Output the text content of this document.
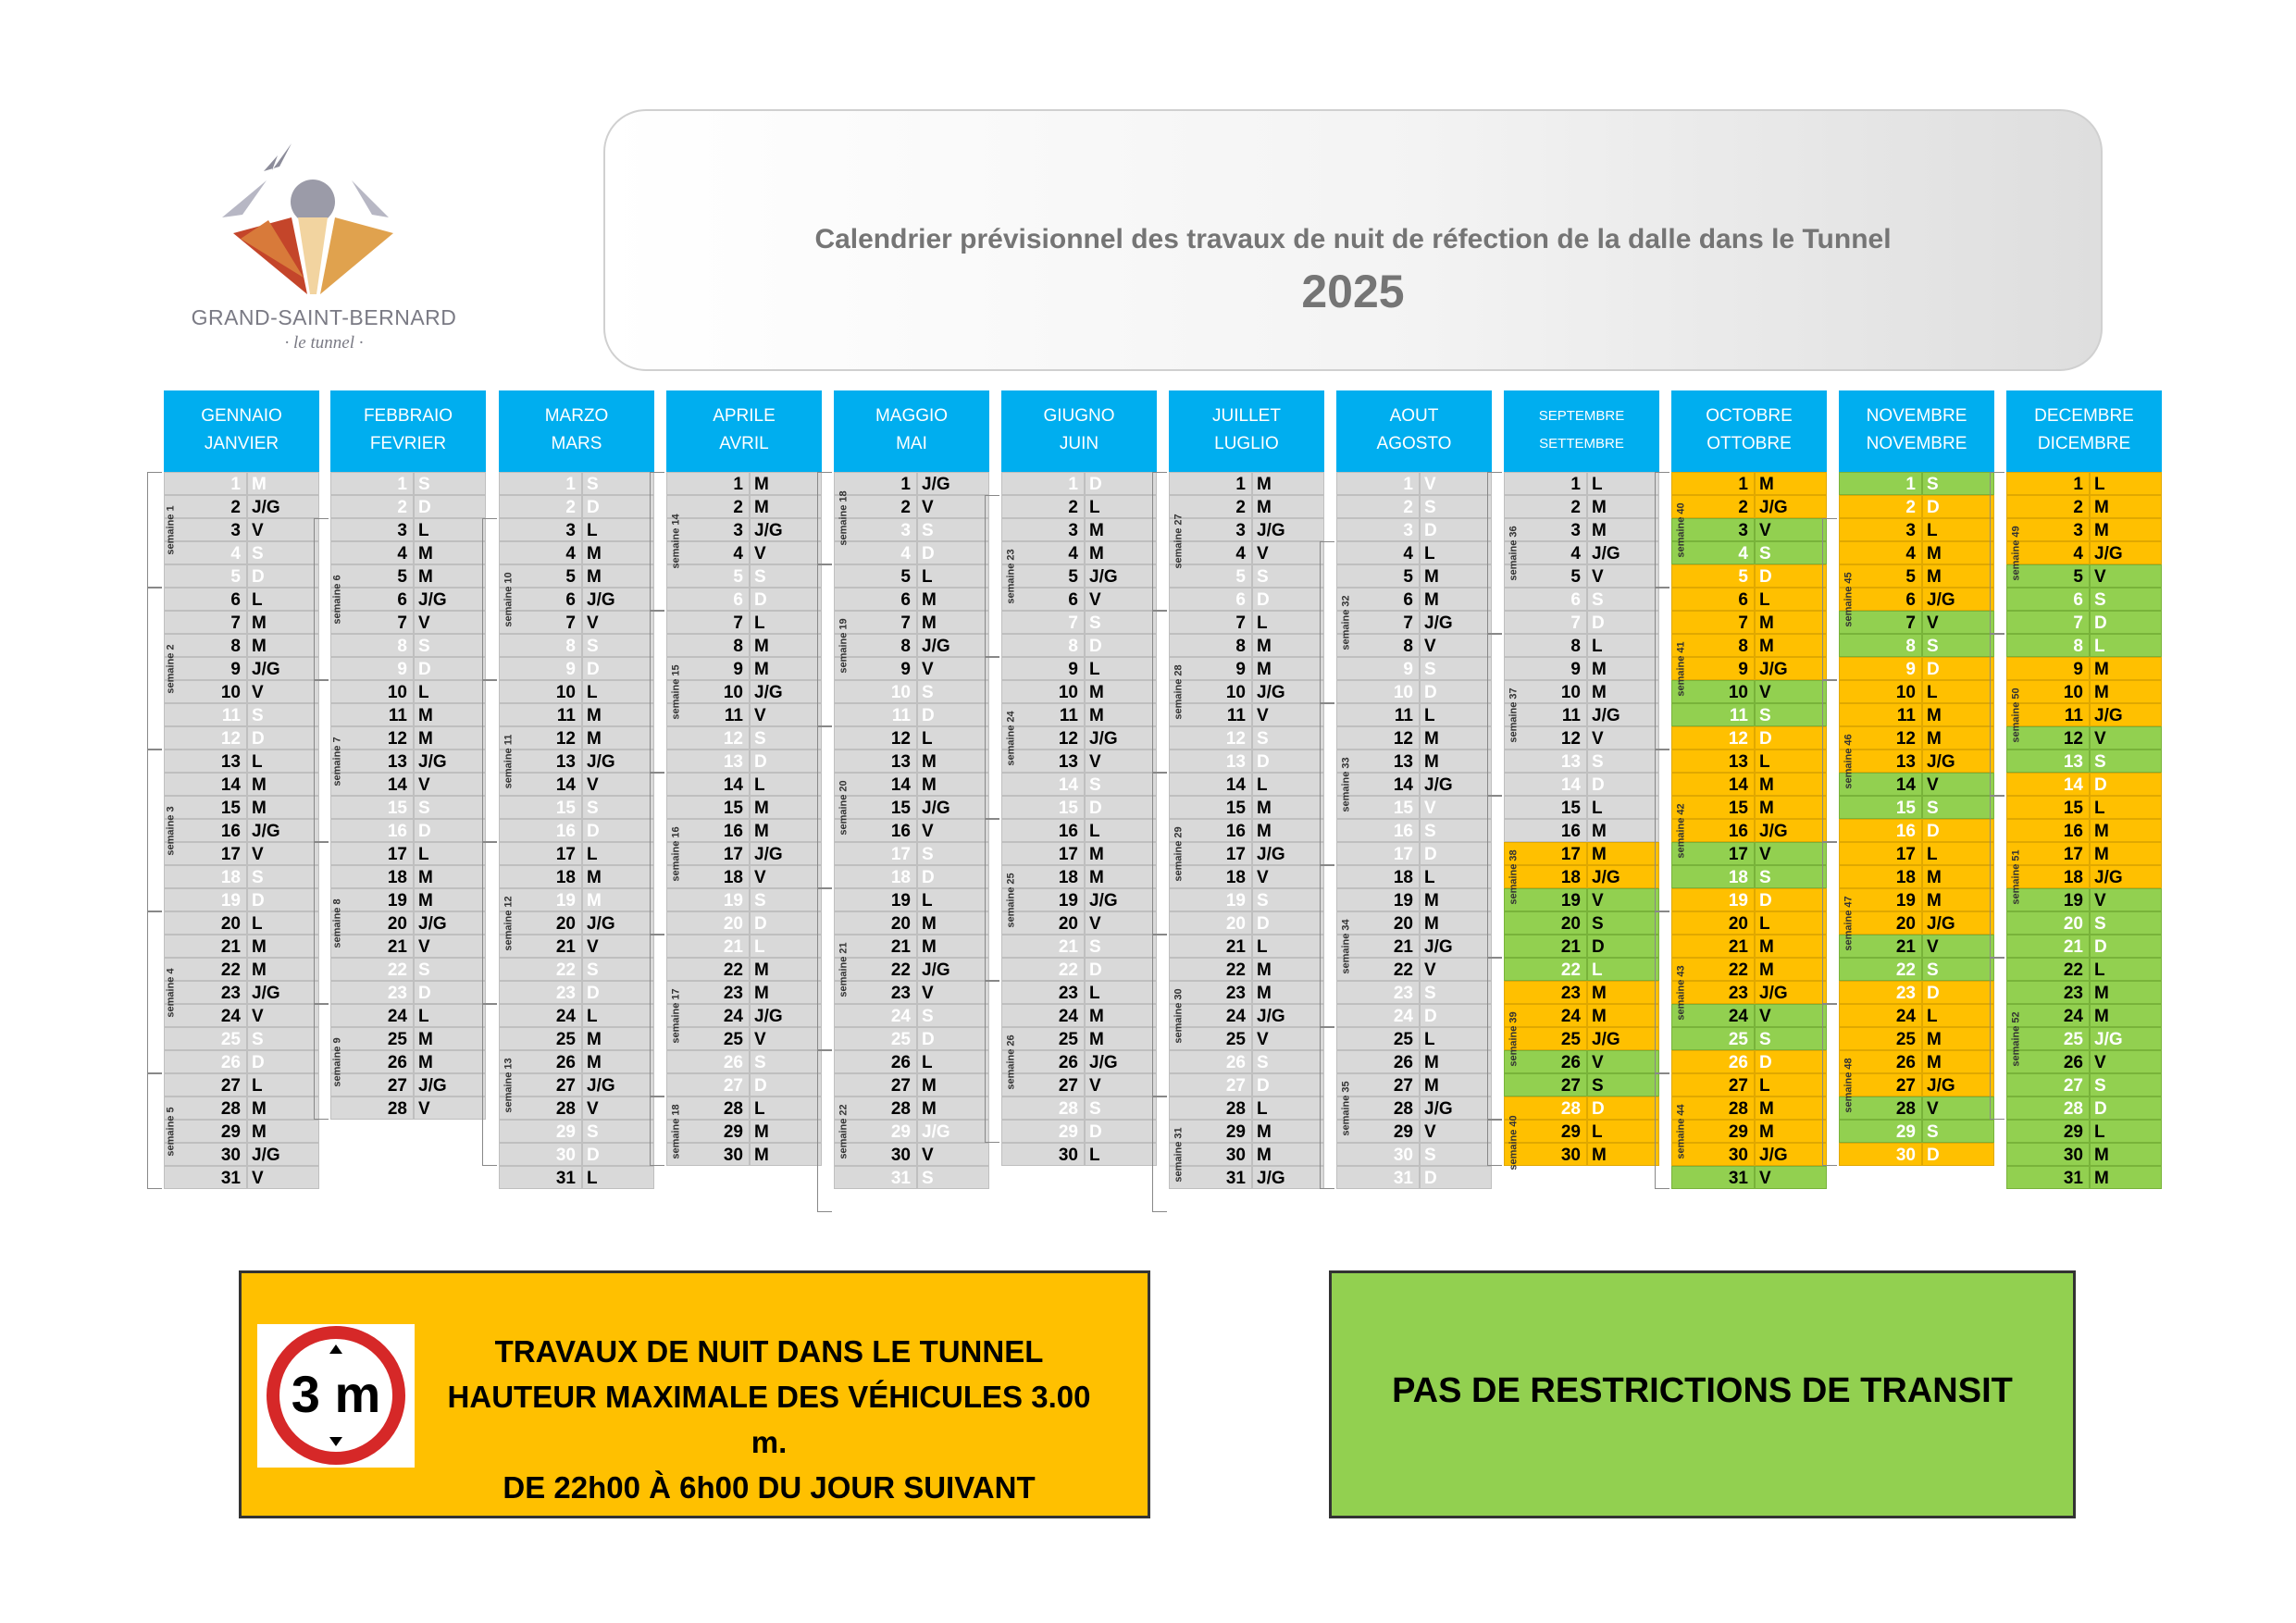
GRAND-SAINT-BERNARD
· le tunnel ·
Calendrier prévisionnel des travaux de nuit de réfection de la dalle dans le Tunnel
2025
GENNAIO
JANVIER
1 M
2 J/G
3 V
4 S
5 D
6 L
7 M
8 M
9 J/G
10 V
11 S
12 D
13 L
14 M
15 M
16 J/G
17 V
18 S
19 D
20 L
21 M
22 M
23 J/G
24 V
25 S
26 D
27 L
28 M
29 M
30 J/G
31 V
semaine 1
semaine 2
semaine 3
semaine 4
semaine 5
FEBBRAIO
FEVRIER
1 S
2 D
3 L
4 M
5 M
6 J/G
7 V
8 S
9 D
10 L
11 M
12 M
13 J/G
14 V
15 S
16 D
17 L
18 M
19 M
20 J/G
21 V
22 S
23 D
24 L
25 M
26 M
27 J/G
28 V
semaine 6
semaine 7
semaine 8
semaine 9
MARZO
MARS
1 S
2 D
3 L
4 M
5 M
6 J/G
7 V
8 S
9 D
10 L
11 M
12 M
13 J/G
14 V
15 S
16 D
17 L
18 M
19 M
20 J/G
21 V
22 S
23 D
24 L
25 M
26 M
27 J/G
28 V
29 S
30 D
31 L
semaine 10
semaine 11
semaine 12
semaine 13
APRILE
AVRIL
1 M
2 M
3 J/G
4 V
5 S
6 D
7 L
8 M
9 M
10 J/G
11 V
12 S
13 D
14 L
15 M
16 M
17 J/G
18 V
19 S
20 D
21 L
22 M
23 M
24 J/G
25 V
26 S
27 D
28 L
29 M
30 M
semaine 14
semaine 15
semaine 16
semaine 17
semaine 18
MAGGIO
MAI
1 J/G
2 V
3 S
4 D
5 L
6 M
7 M
8 J/G
9 V
10 S
11 D
12 L
13 M
14 M
15 J/G
16 V
17 S
18 D
19 L
20 M
21 M
22 J/G
23 V
24 S
25 D
26 L
27 M
28 M
29 J/G
30 V
31 S
semaine 18
semaine 19
semaine 20
semaine 21
semaine 22
GIUGNO
JUIN
1 D
2 L
3 M
4 M
5 J/G
6 V
7 S
8 D
9 L
10 M
11 M
12 J/G
13 V
14 S
15 D
16 L
17 M
18 M
19 J/G
20 V
21 S
22 D
23 L
24 M
25 M
26 J/G
27 V
28 S
29 D
30 L
semaine 23
semaine 24
semaine 25
semaine 26
JUILLET
LUGLIO
1 M
2 M
3 J/G
4 V
5 S
6 D
7 L
8 M
9 M
10 J/G
11 V
12 S
13 D
14 L
15 M
16 M
17 J/G
18 V
19 S
20 D
21 L
22 M
23 M
24 J/G
25 V
26 S
27 D
28 L
29 M
30 M
31 J/G
semaine 27
semaine 28
semaine 29
semaine 30
semaine 31
AOUT
AGOSTO
1 V
2 S
3 D
4 L
5 M
6 M
7 J/G
8 V
9 S
10 D
11 L
12 M
13 M
14 J/G
15 V
16 S
17 D
18 L
19 M
20 M
21 J/G
22 V
23 S
24 D
25 L
26 M
27 M
28 J/G
29 V
30 S
31 D
semaine 32
semaine 33
semaine 34
semaine 35
SEPTEMBRE
SETTEMBRE
1 L
2 M
3 M
4 J/G
5 V
6 S
7 D
8 L
9 M
10 M
11 J/G
12 V
13 S
14 D
15 L
16 M
17 M
18 J/G
19 V
20 S
21 D
22 L
23 M
24 M
25 J/G
26 V
27 S
28 D
29 L
30 M
semaine 36
semaine 37
semaine 38
semaine 39
semaine 40
OCTOBRE
OTTOBRE
1 M
2 J/G
3 V
4 S
5 D
6 L
7 M
8 M
9 J/G
10 V
11 S
12 D
13 L
14 M
15 M
16 J/G
17 V
18 S
19 D
20 L
21 M
22 M
23 J/G
24 V
25 S
26 D
27 L
28 M
29 M
30 J/G
31 V
semaine 40
semaine 41
semaine 42
semaine 43
semaine 44
NOVEMBRE
NOVEMBRE
1 S
2 D
3 L
4 M
5 M
6 J/G
7 V
8 S
9 D
10 L
11 M
12 M
13 J/G
14 V
15 S
16 D
17 L
18 M
19 M
20 J/G
21 V
22 S
23 D
24 L
25 M
26 M
27 J/G
28 V
29 S
30 D
semaine 45
semaine 46
semaine 47
semaine 48
DECEMBRE
DICEMBRE
1 L
2 M
3 M
4 J/G
5 V
6 S
7 D
8 L
9 M
10 M
11 J/G
12 V
13 S
14 D
15 L
16 M
17 M
18 J/G
19 V
20 S
21 D
22 L
23 M
24 M
25 J/G
26 V
27 S
28 D
29 L
30 M
31 M
semaine 49
semaine 50
semaine 51
semaine 52
3 m
TRAVAUX DE NUIT DANS LE TUNNEL
HAUTEUR MAXIMALE DES VÉHICULES 3.00 m.
DE 22h00 À 6h00 DU JOUR SUIVANT
PAS DE RESTRICTIONS DE TRANSIT
